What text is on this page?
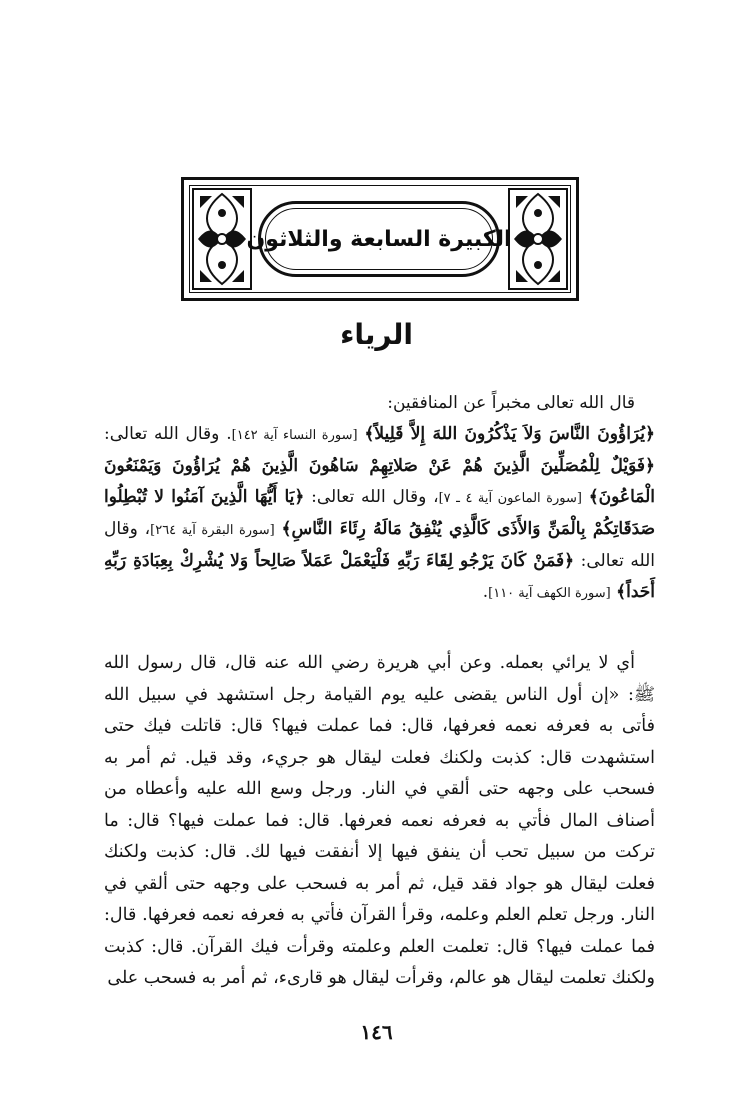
الكبيرة السابعة والثلاثون
الرياء

قال الله تعالى مخبراً عن المنافقين:

﴿يُرَاؤُونَ النَّاسَ وَلاَ يَذْكُرُونَ اللهَ إِلاَّ قَلِيلاً﴾ [سورة النساء آية ١٤٢]. وقال الله تعالى: ﴿فَوَيْلٌ لِلْمُصَلِّينَ الَّذِينَ هُمْ عَنْ صَلاتِهِمْ سَاهُونَ الَّذِينَ هُمْ يُرَاؤُونَ وَيَمْنَعُونَ الْمَاعُونَ﴾ [سورة الماعون آية ٤ ـ ٧]، وقال الله تعالى: ﴿يَا أَيُّهَا الَّذِينَ آمَنُوا لا تُبْطِلُوا صَدَقَاتِكُمْ بِالْمَنِّ وَالأَذَى كَالَّذِي يُنْفِقُ مَالَهُ رِئَاءَ النَّاسِ﴾ [سورة البقرة آية ٢٦٤]، وقال الله تعالى: ﴿فَمَنْ كَانَ يَرْجُو لِقَاءَ رَبِّهِ فَلْيَعْمَلْ عَمَلاً صَالِحاً وَلا يُشْرِكْ بِعِبَادَةِ رَبِّهِ أَحَداً﴾ [سورة الكهف آية ١١٠].

أي لا يرائي بعمله. وعن أبي هريرة رضي الله عنه قال، قال رسول الله ﷺ: «إن أول الناس يقضى عليه يوم القيامة رجل استشهد في سبيل الله فأتى به فعرفه نعمه فعرفها، قال: فما عملت فيها؟ قال: قاتلت فيك حتى استشهدت قال: كذبت ولكنك فعلت ليقال هو جريء، وقد قيل. ثم أمر به فسحب على وجهه حتى ألقي في النار. ورجل وسع الله عليه وأعطاه من أصناف المال فأتي به فعرفه نعمه فعرفها. قال: فما عملت فيها؟ قال: ما تركت من سبيل تحب أن ينفق فيها إلا أنفقت فيها لك. قال: كذبت ولكنك فعلت ليقال هو جواد فقد قيل، ثم أمر به فسحب على وجهه حتى ألقي في النار. ورجل تعلم العلم وعلمه، وقرأ القرآن فأتي به فعرفه نعمه فعرفها. قال: فما عملت فيها؟ قال: تعلمت العلم وعلمته وقرأت فيك القرآن. قال: كذبت ولكنك تعلمت ليقال هو عالم، وقرأت ليقال هو قارىء، ثم أمر به فسحب على

١٤٦
